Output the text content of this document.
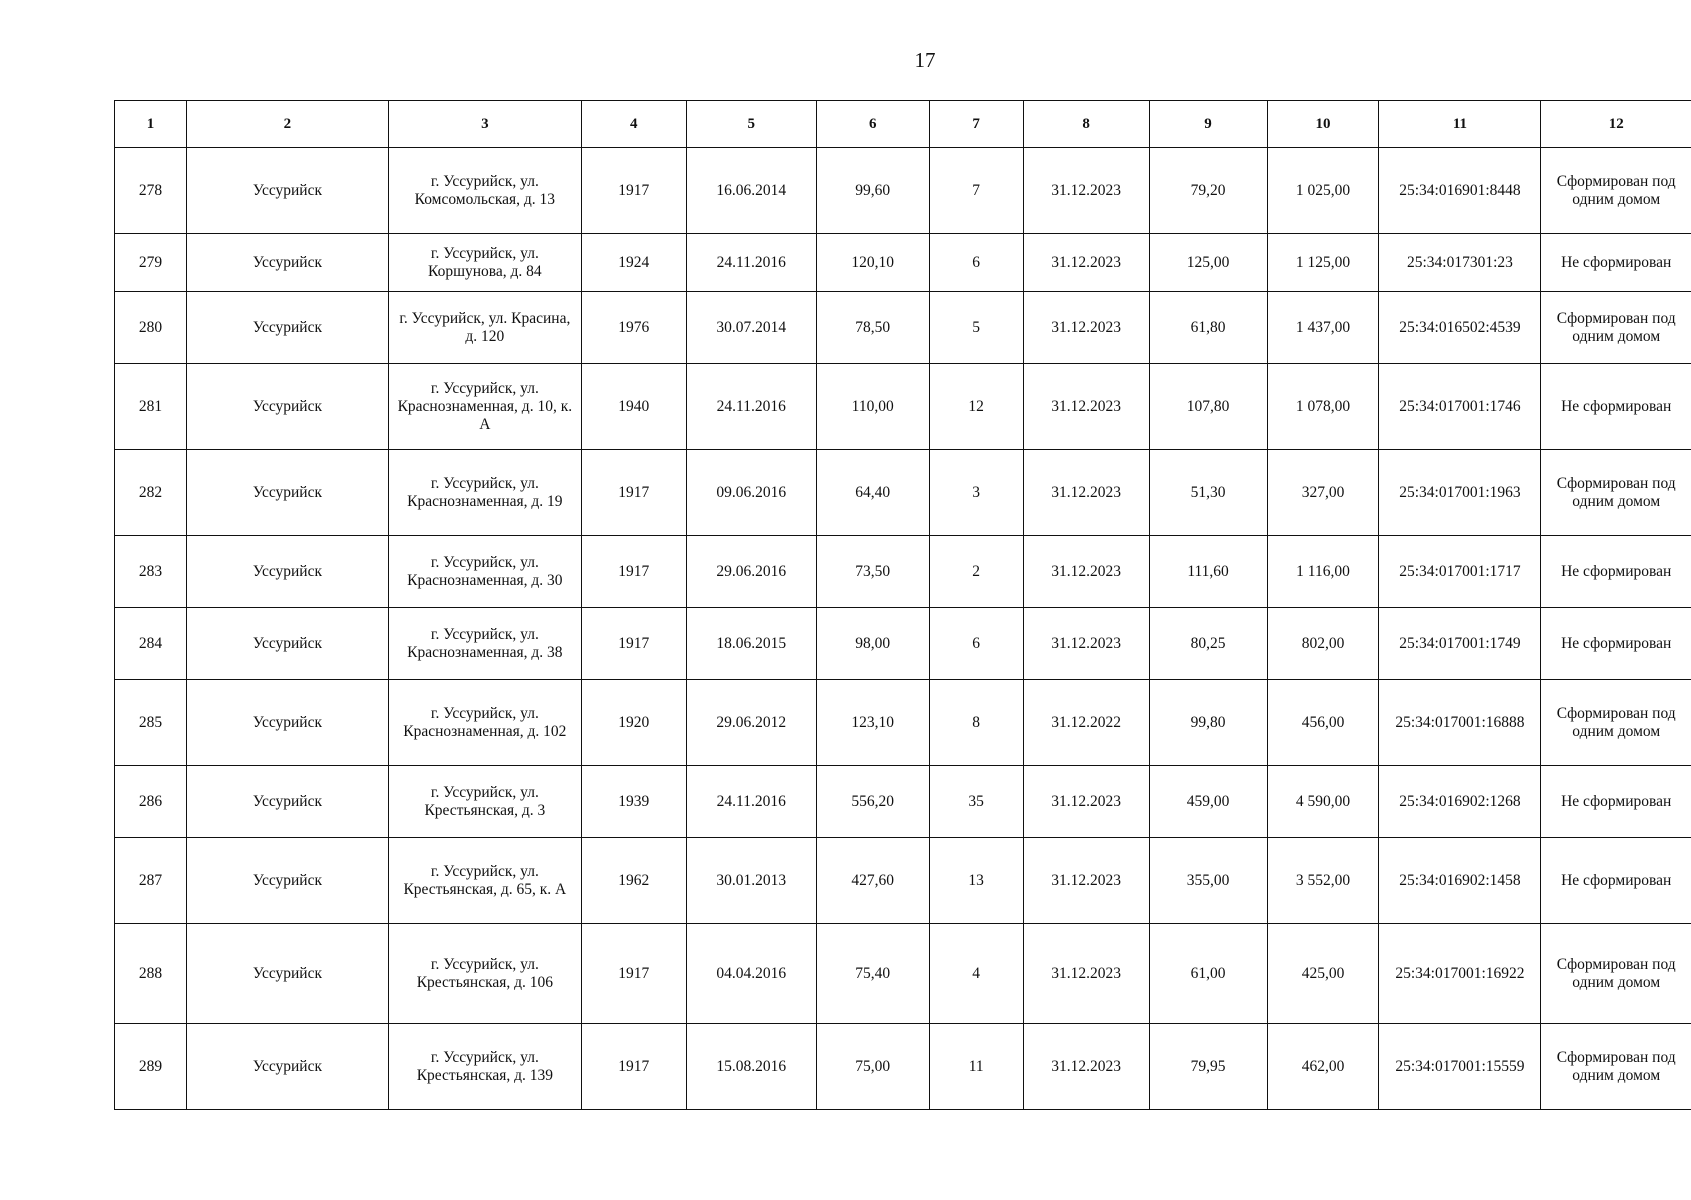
17
1	2	3	4	5	6	7	8	9	10	11	12
278	Уссурийск	г. Уссурийск, ул. Комсомольская, д. 13	1917	16.06.2014	99,60	7	31.12.2023	79,20	1 025,00	25:34:016901:8448	Сформирован под одним домом
279	Уссурийск	г. Уссурийск, ул. Коршунова, д. 84	1924	24.11.2016	120,10	6	31.12.2023	125,00	1 125,00	25:34:017301:23	Не сформирован
280	Уссурийск	г. Уссурийск, ул. Красина, д. 120	1976	30.07.2014	78,50	5	31.12.2023	61,80	1 437,00	25:34:016502:4539	Сформирован под одним домом
281	Уссурийск	г. Уссурийск, ул. Краснознаменная, д. 10, к. А	1940	24.11.2016	110,00	12	31.12.2023	107,80	1 078,00	25:34:017001:1746	Не сформирован
282	Уссурийск	г. Уссурийск, ул. Краснознаменная, д. 19	1917	09.06.2016	64,40	3	31.12.2023	51,30	327,00	25:34:017001:1963	Сформирован под одним домом
283	Уссурийск	г. Уссурийск, ул. Краснознаменная, д. 30	1917	29.06.2016	73,50	2	31.12.2023	111,60	1 116,00	25:34:017001:1717	Не сформирован
284	Уссурийск	г. Уссурийск, ул. Краснознаменная, д. 38	1917	18.06.2015	98,00	6	31.12.2023	80,25	802,00	25:34:017001:1749	Не сформирован
285	Уссурийск	г. Уссурийск, ул. Краснознаменная, д. 102	1920	29.06.2012	123,10	8	31.12.2022	99,80	456,00	25:34:017001:16888	Сформирован под одним домом
286	Уссурийск	г. Уссурийск, ул. Крестьянская, д. 3	1939	24.11.2016	556,20	35	31.12.2023	459,00	4 590,00	25:34:016902:1268	Не сформирован
287	Уссурийск	г. Уссурийск, ул. Крестьянская, д. 65, к. А	1962	30.01.2013	427,60	13	31.12.2023	355,00	3 552,00	25:34:016902:1458	Не сформирован
288	Уссурийск	г. Уссурийск, ул. Крестьянская, д. 106	1917	04.04.2016	75,40	4	31.12.2023	61,00	425,00	25:34:017001:16922	Сформирован под одним домом
289	Уссурийск	г. Уссурийск, ул. Крестьянская, д. 139	1917	15.08.2016	75,00	11	31.12.2023	79,95	462,00	25:34:017001:15559	Сформирован под одним домом
